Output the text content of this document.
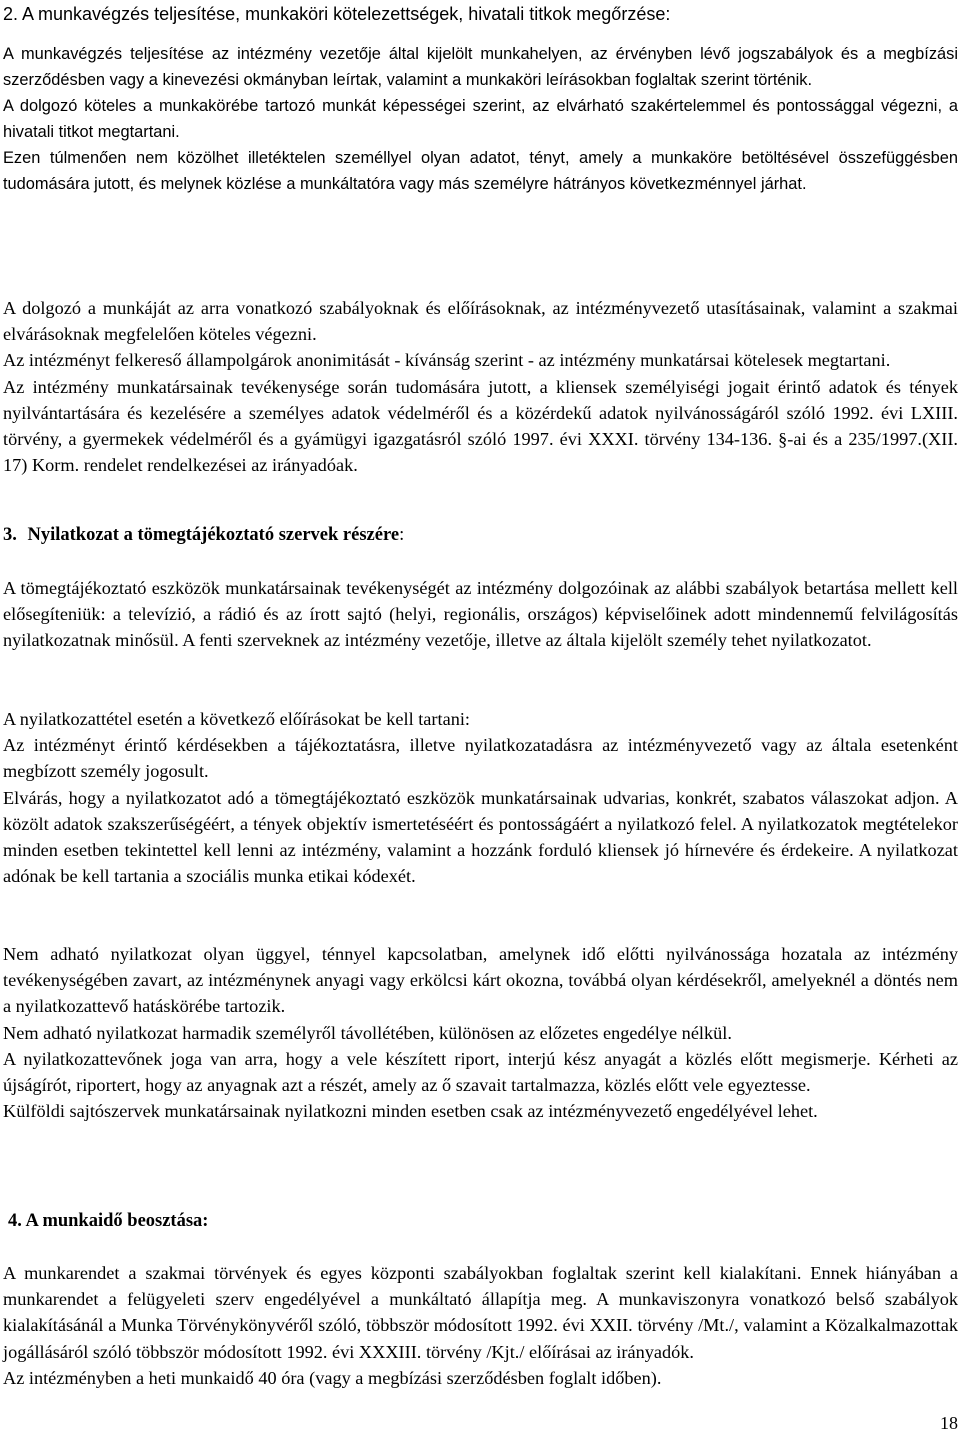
2. A munkavégzés teljesítése, munkaköri kötelezettségek, hivatali titkok megőrzése:

A munkavégzés teljesítése az intézmény vezetője által kijelölt munkahelyen, az érvényben lévő jogszabályok és a megbízási szerződésben vagy a kinevezési okmányban leírtak, valamint a munkaköri leírásokban foglaltak szerint történik.

A dolgozó köteles a munkakörébe tartozó munkát képességei szerint, az elvárható szakértelemmel és pontossággal végezni, a hivatali titkot megtartani.

Ezen túlmenően nem közölhet illetéktelen személlyel olyan adatot, tényt, amely a munkaköre betöltésével összefüggésben tudomására jutott, és melynek közlése a munkáltatóra vagy más személyre hátrányos következménnyel járhat.

A dolgozó a munkáját az arra vonatkozó szabályoknak és előírásoknak, az intézményvezető utasításainak, valamint a szakmai elvárásoknak megfelelően köteles végezni.

Az intézményt felkereső állampolgárok anonimitását - kívánság szerint - az intézmény munkatársai kötelesek megtartani.

Az intézmény munkatársainak tevékenysége során tudomására jutott, a kliensek személyiségi jogait érintő adatok és tények nyilvántartására és kezelésére a személyes adatok védelméről és a közérdekű adatok nyilvánosságáról szóló 1992. évi LXIII. törvény, a gyermekek védelméről és a gyámügyi igazgatásról szóló 1997. évi XXXI. törvény 134-136. §-ai és a 235/1997.(XII. 17) Korm. rendelet rendelkezései az irányadóak.

3. Nyilatkozat a tömegtájékoztató szervek részére:

A tömegtájékoztató eszközök munkatársainak tevékenységét az intézmény dolgozóinak az alábbi szabályok betartása mellett kell elősegíteniük: a televízió, a rádió és az írott sajtó (helyi, regionális, országos) képviselőinek adott mindennemű felvilágosítás nyilatkozatnak minősül. A fenti szerveknek az intézmény vezetője, illetve az általa kijelölt személy tehet nyilatkozatot.

A nyilatkozattétel esetén a következő előírásokat be kell tartani:

Az intézményt érintő kérdésekben a tájékoztatásra, illetve nyilatkozatadásra az intézményvezető vagy az általa esetenként megbízott személy jogosult.

Elvárás, hogy a nyilatkozatot adó a tömegtájékoztató eszközök munkatársainak udvarias, konkrét, szabatos válaszokat adjon. A közölt adatok szakszerűségéért, a tények objektív ismertetéséért és pontosságáért a nyilatkozó felel. A nyilatkozatok megtételekor minden esetben tekintettel kell lenni az intézmény, valamint a hozzánk forduló kliensek jó hírnevére és érdekeire. A nyilatkozat adónak be kell tartania a szociális munka etikai kódexét.

Nem adható nyilatkozat olyan üggyel, ténnyel kapcsolatban, amelynek idő előtti nyilvánossága hozatala az intézmény tevékenységében zavart, az intézménynek anyagi vagy erkölcsi kárt okozna, továbbá olyan kérdésekről, amelyeknél a döntés nem a nyilatkozattevő hatáskörébe tartozik.

Nem adható nyilatkozat harmadik személyről távollétében, különösen az előzetes engedélye nélkül.

A nyilatkozattevőnek joga van arra, hogy a vele készített riport, interjú kész anyagát a közlés előtt megismerje. Kérheti az újságírót, riportert, hogy az anyagnak azt a részét, amely az ő szavait tartalmazza, közlés előtt vele egyeztesse.

Külföldi sajtószervek munkatársainak nyilatkozni minden esetben csak az intézményvezető engedélyével lehet.

4. A munkaidő beosztása:

A munkarendet a szakmai törvények és egyes központi szabályokban foglaltak szerint kell kialakítani. Ennek hiányában a munkarendet a felügyeleti szerv engedélyével a munkáltató állapítja meg. A munkaviszonyra vonatkozó belső szabályok kialakításánál a Munka Törvénykönyvéről szóló, többször módosított 1992. évi XXII. törvény /Mt./, valamint a Közalkalmazottak jogállásáról szóló többször módosított 1992. évi XXXIII. törvény /Kjt./ előírásai az irányadók.

Az intézményben a heti munkaidő 40 óra (vagy a megbízási szerződésben foglalt időben).

18
